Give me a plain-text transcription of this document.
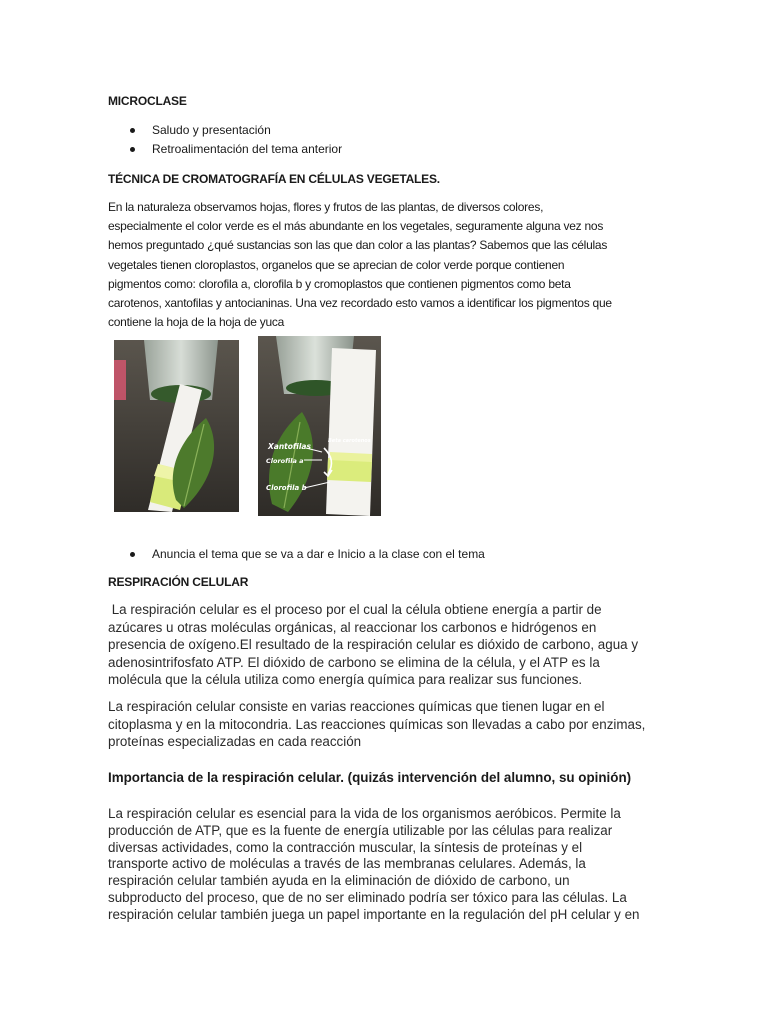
MICROCLASE
Saludo y presentación
Retroalimentación del tema anterior
TÉCNICA DE CROMATOGRAFÍA EN CÉLULAS VEGETALES.
En la naturaleza observamos hojas, flores y frutos de las plantas, de diversos colores,
especialmente el color verde es el más abundante en los vegetales, seguramente alguna vez nos
hemos preguntado ¿qué sustancias son las que dan color a las plantas? Sabemos que las células
vegetales tienen cloroplastos, organelos que se aprecian de color verde porque contienen
pigmentos como: clorofila a, clorofila b y cromoplastos que contienen pigmentos como beta
carotenos, xantofilas y antocianinas. Una vez recordado esto vamos a identificar los pigmentos que
contiene la hoja de la hoja de yuca
Xantofilas
Beta carotenos
Clorofila a
Clorofila b
Anuncia el tema que se va a dar e Inicio a la clase con el tema
RESPIRACIÓN CELULAR
La respiración celular es el proceso por el cual la célula obtiene energía a partir de
azúcares u otras moléculas orgánicas, al reaccionar los carbonos e hidrógenos en
presencia de oxígeno.El resultado de la respiración celular es dióxido de carbono, agua y
adenosintrifosfato ATP. El dióxido de carbono se elimina de la célula, y el ATP es la
molécula que la célula utiliza como energía química para realizar sus funciones.
La respiración celular consiste en varias reacciones químicas que tienen lugar en el
citoplasma y en la mitocondria. Las reacciones químicas son llevadas a cabo por enzimas,
proteínas especializadas en cada reacción
Importancia de la respiración celular. (quizás intervención del alumno, su opinión)
La respiración celular es esencial para la vida de los organismos aeróbicos. Permite la
producción de ATP, que es la fuente de energía utilizable por las células para realizar
diversas actividades, como la contracción muscular, la síntesis de proteínas y el
transporte activo de moléculas a través de las membranas celulares. Además, la
respiración celular también ayuda en la eliminación de dióxido de carbono, un
subproducto del proceso, que de no ser eliminado podría ser tóxico para las células. La
respiración celular también juega un papel importante en la regulación del pH celular y en
